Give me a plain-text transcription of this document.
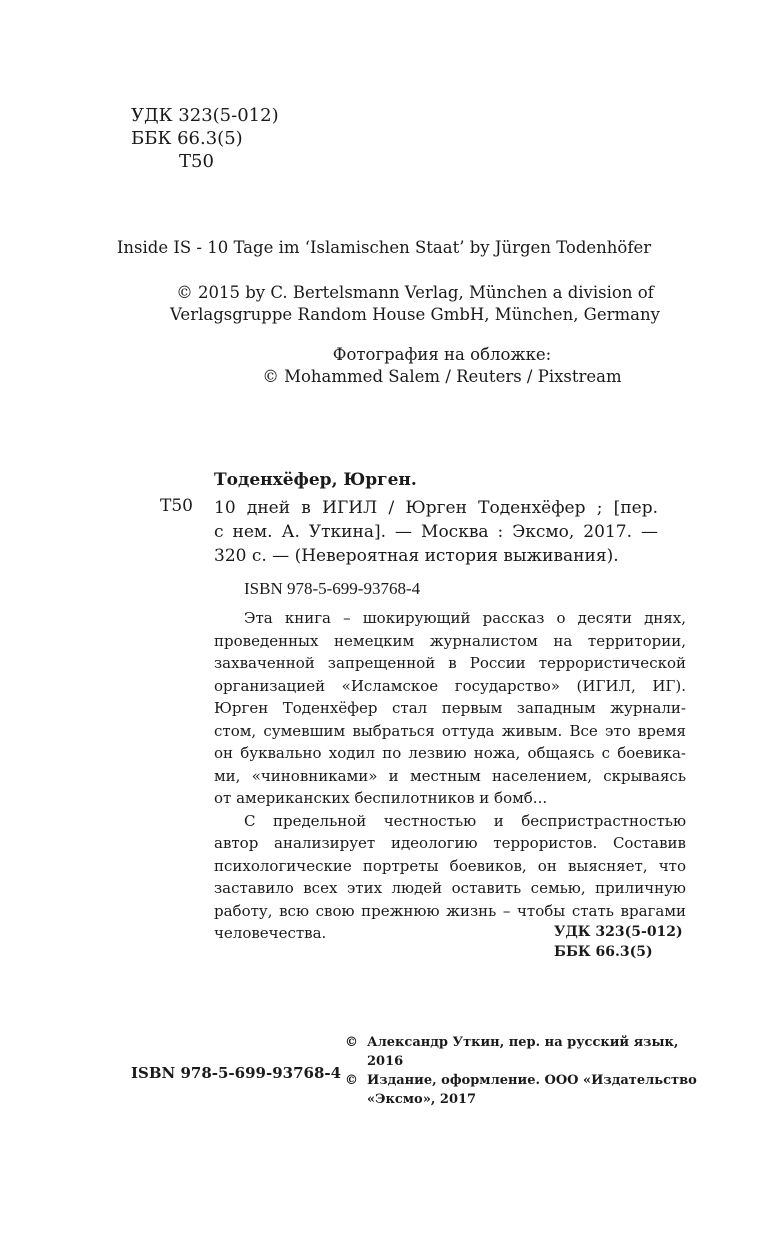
УДК 323(5-012)
ББК 66.3(5)
Т50
Inside IS - 10 Tage im ‘Islamischen Staat’ by Jürgen Todenhöfer
© 2015 by C. Bertelsmann Verlag, München a division of
Verlagsgruppe Random House GmbH, München, Germany
Фотография на обложке:
© Mohammed Salem / Reuters / Pixstream
Тоденхёфер, Юрген.
Т50 10 дней в ИГИЛ / Юрген Тоденхёфер ; [пер.
с нем. А. Уткина]. — Москва : Эксмо, 2017. —
320 с. — (Невероятная история выживания).
ISBN 978-5-699-93768-4

Эта книга – шокирующий рассказ о десяти днях,
проведенных немецким журналистом на территории,
захваченной запрещенной в России террористической
организацией «Исламское государство» (ИГИЛ, ИГ).
Юрген Тоденхёфер стал первым западным журнали-
стом, сумевшим выбраться оттуда живым. Все это время
он буквально ходил по лезвию ножа, общаясь с боевика-
ми, «чиновниками» и местным населением, скрываясь
от американских беспилотников и бомб...

С предельной честностью и беспристрастностью
автор анализирует идеологию террористов. Составив
психологические портреты боевиков, он выясняет, что
заставило всех этих людей оставить семью, приличную
работу, всю свою прежнюю жизнь – чтобы стать врагами
человечества.	УДК 323(5-012)
ББК 66.3(5)
© Александр Уткин, пер. на русский язык, 2016
© Издание, оформление. ООО «Издательство
«Эксмо», 2017
ISBN 978-5-699-93768-4
